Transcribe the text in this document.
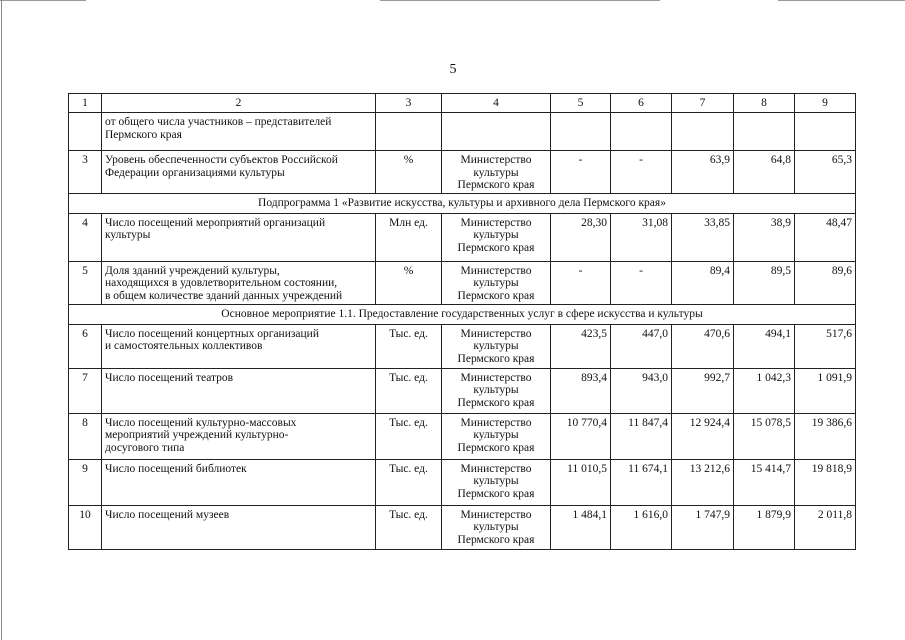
5
1	2	3	4	5	6	7	8	9

	от общего числа участников – представителей
Пермского края							

3	Уровень обеспеченности субъектов Российской
Федерации организациями культуры	%	Министерство
культуры
Пермского края	-	-	63,9	64,8	65,3
Подпрограмма 1 «Развитие искусства, культуры и архивного дела Пермского края»								
4	Число посещений мероприятий организаций
культуры	Млн ед.	Министерство
культуры
Пермского края	28,30	31,08	33,85	38,9	48,47
5	Доля зданий учреждений культуры,
находящихся в удовлетворительном состоянии,
в общем количестве зданий данных учреждений	%	Министерство
культуры
Пермского края	-	-	89,4	89,5	89,6
Основное мероприятие 1.1. Предоставление государственных услуг в сфере искусства и культуры								
6	Число посещений концертных организаций
и самостоятельных коллективов	Тыс. ед.	Министерство
культуры
Пермского края	423,5	447,0	470,6	494,1	517,6
7	Число посещений театров	Тыс. ед.	Министерство
культуры
Пермского края	893,4	943,0	992,7	1 042,3	1 091,9
8	Число посещений культурно-массовых
мероприятий учреждений культурно-
досугового типа	Тыс. ед.	Министерство
культуры
Пермского края	10 770,4	11 847,4	12 924,4	15 078,5	19 386,6
9	Число посещений библиотек	Тыс. ед.	Министерство
культуры
Пермского края	11 010,5	11 674,1	13 212,6	15 414,7	19 818,9
10	Число посещений музеев	Тыс. ед.	Министерство
культуры
Пермского края	1 484,1	1 616,0	1 747,9	1 879,9	2 011,8
